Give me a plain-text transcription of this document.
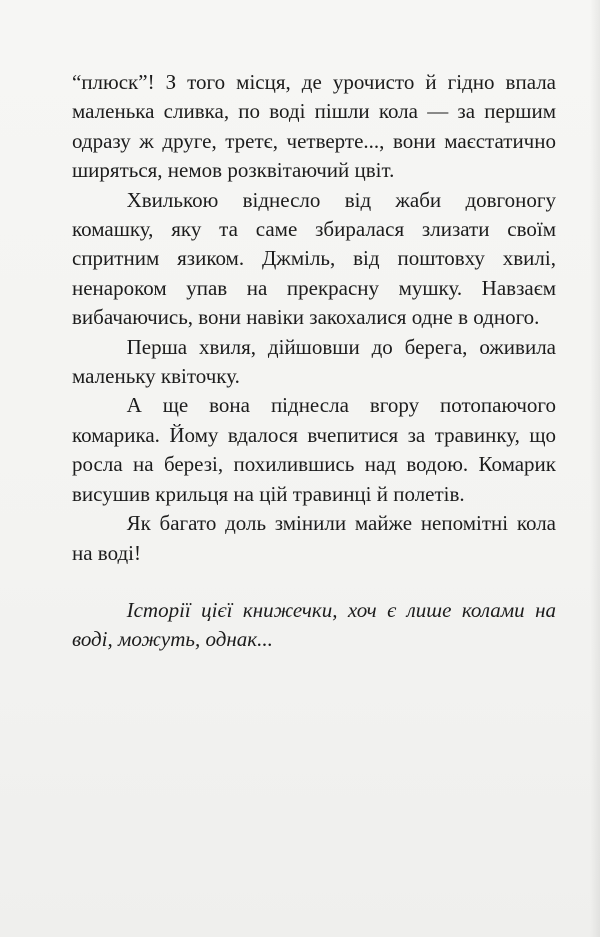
“плюск”! З того місця, де урочисто й гідно впала маленька сливка, по воді пішли кола — за першим одразу ж друге, третє, четверте..., вони маєстатично ширяться, немов розквітаючий цвіт.

Хвилькою віднесло від жаби довгоногу комашку, яку та саме збиралася злизати своїм спритним язиком. Джміль, від поштовху хвилі, ненароком упав на прекрасну мушку. Навзаєм вибачаючись, вони навіки закохалися одне в одного.

Перша хвиля, дійшовши до берега, оживила маленьку квіточку.

А ще вона піднесла вгору потопаючого комарика. Йому вдалося вчепитися за травинку, що росла на березі, похилившись над водою. Комарик висушив крильця на цій травинці й полетів.

Як багато доль змінили майже непомітні кола на воді!

Історії цієї книжечки, хоч є лише колами на воді, можуть, однак...
